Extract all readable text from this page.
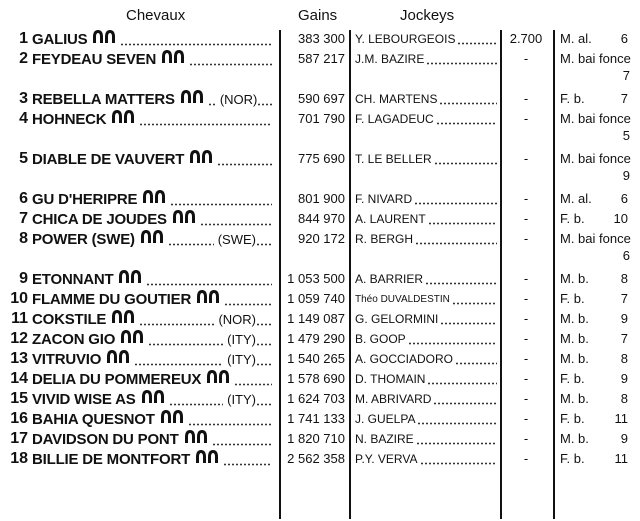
Chevaux	Gains	Jockeys
1 GALIUS	383 300 Y. LEBOURGEOIS	2.700	M. al. 6
2 FEYDEAU SEVEN	587 217 J.M. BAZIRE	-	M. bai fonce
7
3 REBELLA MATTERS	(NOR)	590 697 CH. MARTENS	-	F. b.	7
4 HOHNECK	701 790 F. LAGADEUC	-	M. bai fonce
5
5 DIABLE DE VAUVERT	775 690 T. LE BELLER	-	M. bai fonce
9
6 GU D'HERIPRE	801 900 F. NIVARD	-	M. al. 6
7 CHICA DE JOUDES	844 970 A. LAURENT	-	F. b. 10
8 POWER (SWE)	(SWE)	920 172 R. BERGH	-	M. bai fonce
6
9 ETONNANT	1 053 500 A. BARRIER	-	M. b. 8
10 FLAMME DU GOUTIER	1 059 740 Théo DUVALDESTIN	-	F. b.	7
11 COKSTILE	(NOR)	1 149 087 G. GELORMINI	-	M. b. 9
12 ZACON GIO	(ITY)	1 479 290 B. GOOP	-	M. b. 7
13 VITRUVIO	(ITY)	1 540 265 A. GOCCIADORO	-	M. b. 8
14 DELIA DU POMMEREUX	1 578 690 D. THOMAIN	-	F. b.	9
15 VIVID WISE AS	(ITY)	1 624 703 M. ABRIVARD	-	M. b. 8
16 BAHIA QUESNOT	1 741 133 J. GUELPA	-	F. b. 11
17 DAVIDSON DU PONT	1 820 710 N. BAZIRE	-	M. b. 9
18 BILLIE DE MONTFORT	2 562 358 P.Y. VERVA	-	F. b. 11
